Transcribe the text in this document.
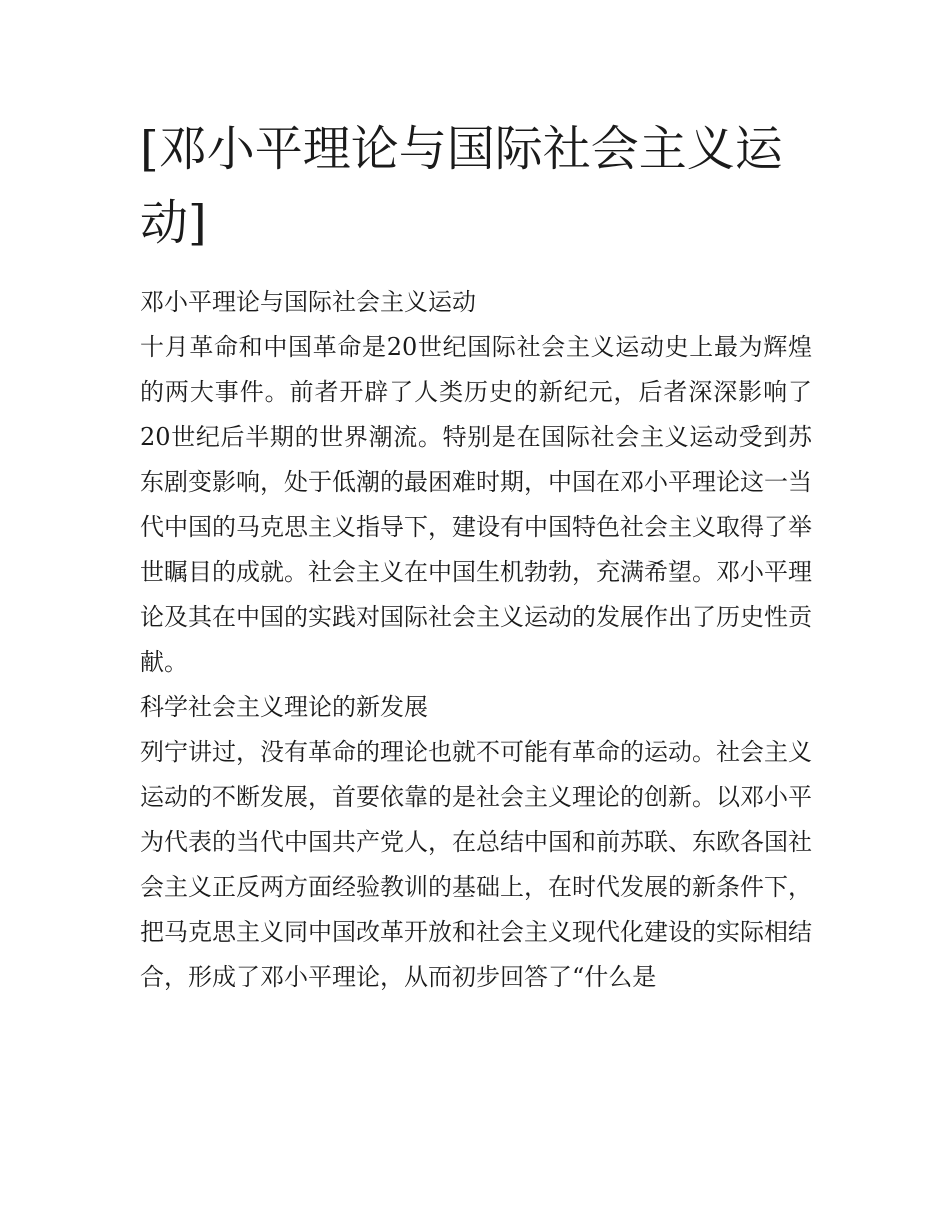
[邓小平理论与国际社会主义运动]

邓小平理论与国际社会主义运动

十月革命和中国革命是20世纪国际社会主义运动史上最为辉煌的两大事件。前者开辟了人类历史的新纪元，后者深深影响了20世纪后半期的世界潮流。特别是在国际社会主义运动受到苏东剧变影响，处于低潮的最困难时期，中国在邓小平理论这一当代中国的马克思主义指导下，建设有中国特色社会主义取得了举世瞩目的成就。社会主义在中国生机勃勃，充满希望。邓小平理论及其在中国的实践对国际社会主义运动的发展作出了历史性贡献。

科学社会主义理论的新发展

列宁讲过，没有革命的理论也就不可能有革命的运动。社会主义运动的不断发展，首要依靠的是社会主义理论的创新。以邓小平为代表的当代中国共产党人，在总结中国和前苏联、东欧各国社会主义正反两方面经验教训的基础上，在时代发展的新条件下，把马克思主义同中国改革开放和社会主义现代化建设的实际相结合，形成了邓小平理论，从而初步回答了“什么是
